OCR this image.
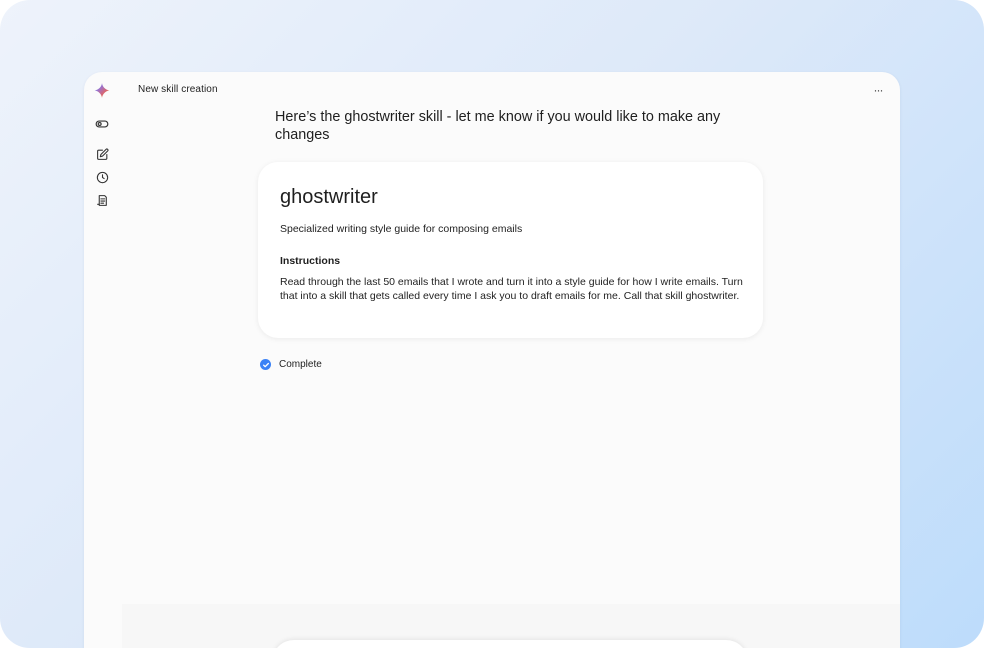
New skill creation	···
Here’s the ghostwriter skill - let me know if you would like to make any changes
ghostwriter
Specialized writing style guide for composing emails
Instructions
Read through the last 50 emails that I wrote and turn it into a style guide for how I write emails. Turn that into a skill that gets called every time I ask you to draft emails for me. Call that skill ghostwriter.
Complete
